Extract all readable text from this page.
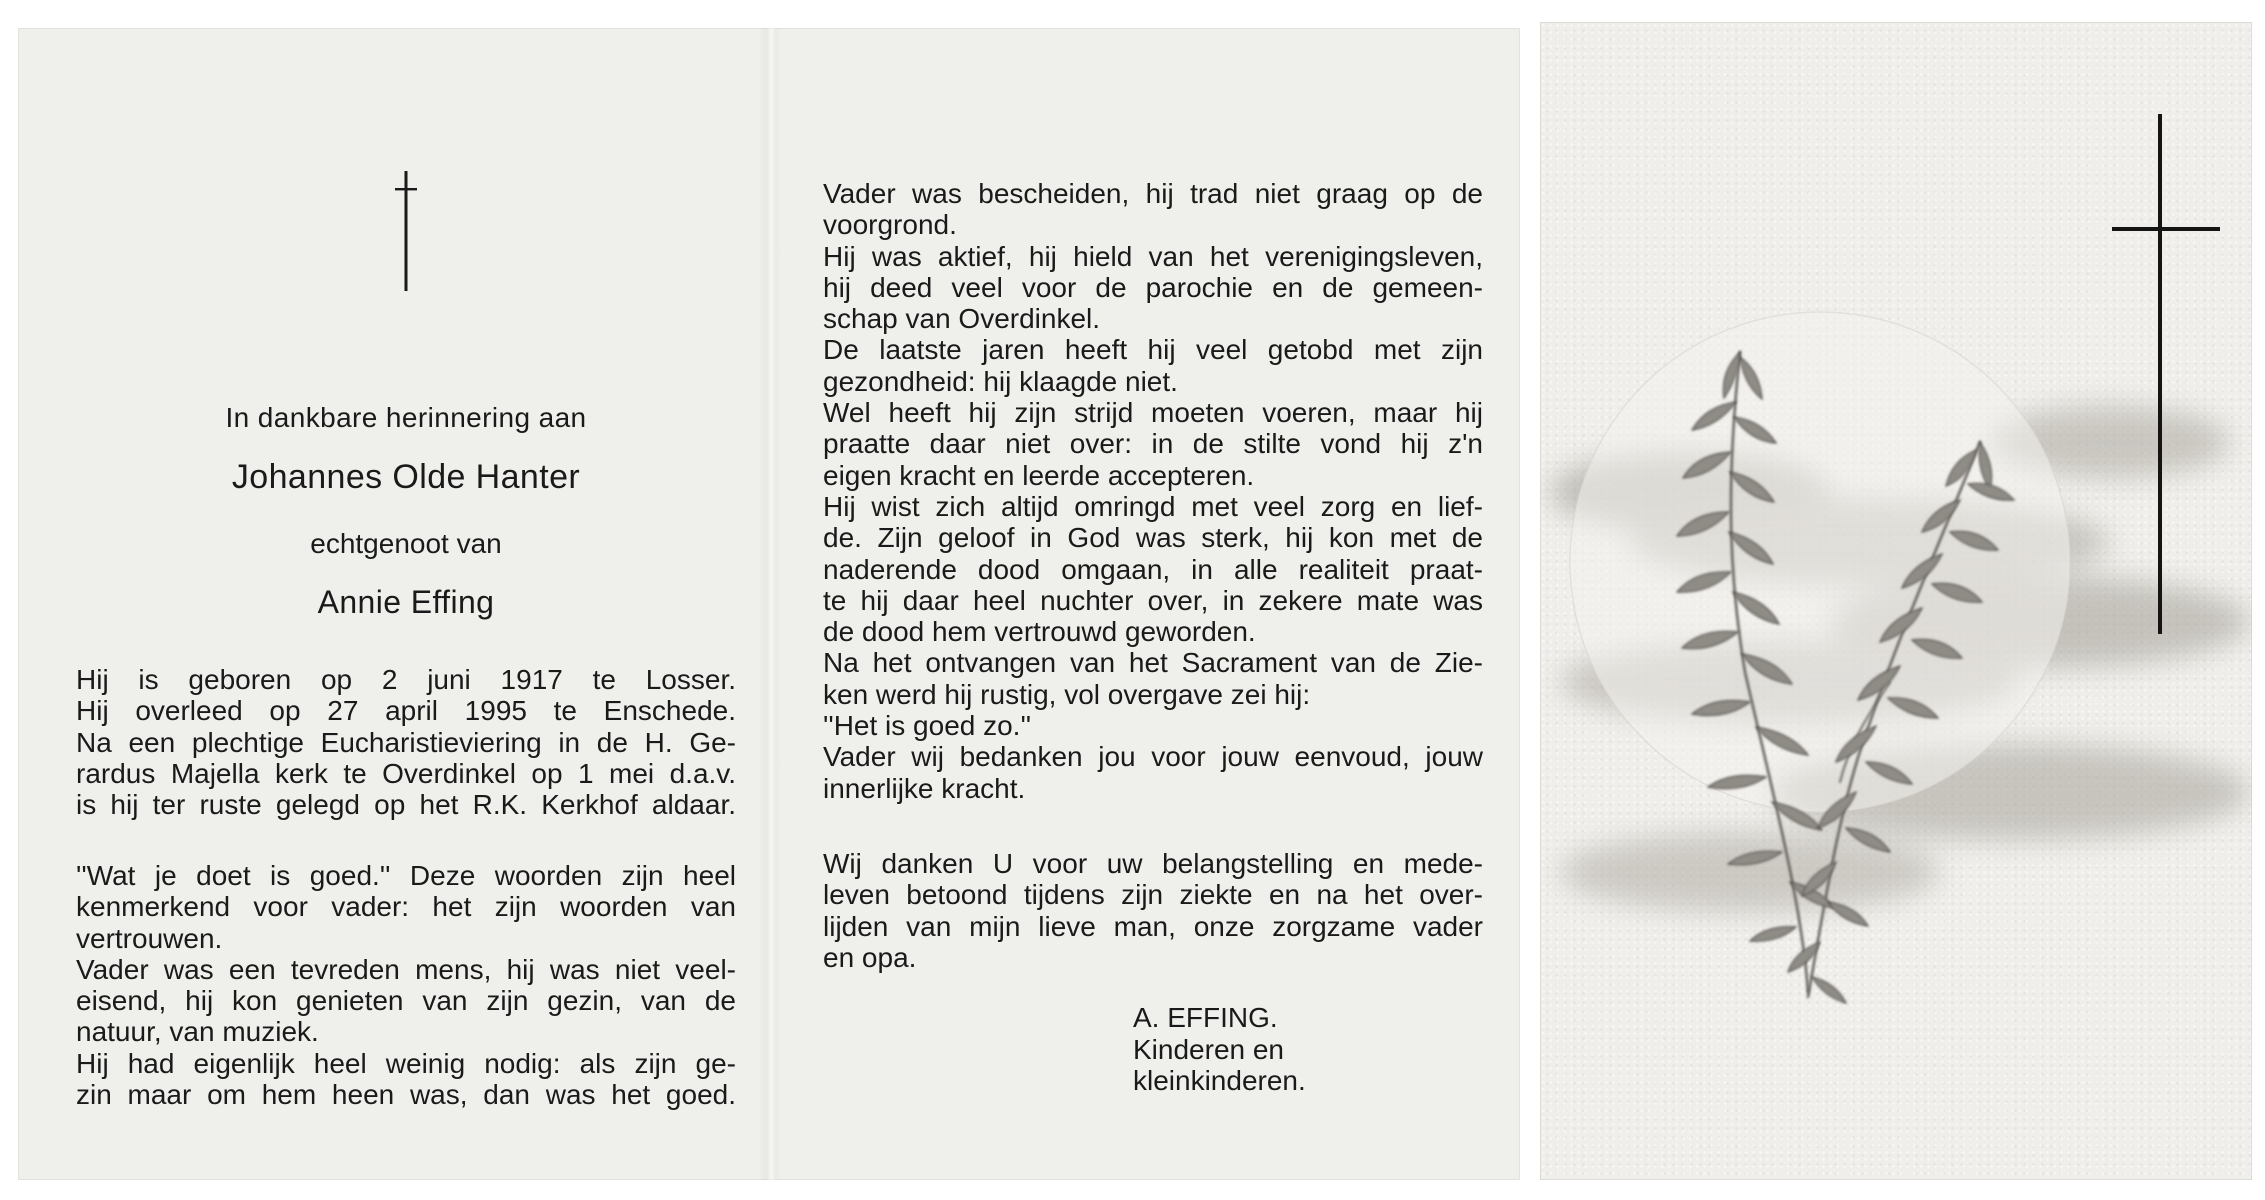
In dankbare herinnering aan
Johannes Olde Hanter
echtgenoot van
Annie Effing
Hij is geboren op 2 juni 1917 te Losser.
Hij overleed op 27 april 1995 te Enschede.
Na een plechtige Eucharistieviering in de H. Ge-
rardus Majella kerk te Overdinkel op 1 mei d.a.v.
is hij ter ruste gelegd op het R.K. Kerkhof aldaar.
''Wat je doet is goed.'' Deze woorden zijn heel
kenmerkend voor vader: het zijn woorden van
vertrouwen.
Vader was een tevreden mens, hij was niet veel-
eisend, hij kon genieten van zijn gezin, van de
natuur, van muziek.
Hij had eigenlijk heel weinig nodig: als zijn ge-
zin maar om hem heen was, dan was het goed.
Vader was bescheiden, hij trad niet graag op de
voorgrond.
Hij was aktief, hij hield van het verenigingsleven,
hij deed veel voor de parochie en de gemeen-
schap van Overdinkel.
De laatste jaren heeft hij veel getobd met zijn
gezondheid: hij klaagde niet.
Wel heeft hij zijn strijd moeten voeren, maar hij
praatte daar niet over: in de stilte vond hij z'n
eigen kracht en leerde accepteren.
Hij wist zich altijd omringd met veel zorg en lief-
de. Zijn geloof in God was sterk, hij kon met de
naderende dood omgaan, in alle realiteit praat-
te hij daar heel nuchter over, in zekere mate was
de dood hem vertrouwd geworden.
Na het ontvangen van het Sacrament van de Zie-
ken werd hij rustig, vol overgave zei hij:
''Het is goed zo.''
Vader wij bedanken jou voor jouw eenvoud, jouw
innerlijke kracht.
Wij danken U voor uw belangstelling en mede-
leven betoond tijdens zijn ziekte en na het over-
lijden van mijn lieve man, onze zorgzame vader
en opa.
A. EFFING.
Kinderen en
kleinkinderen.
